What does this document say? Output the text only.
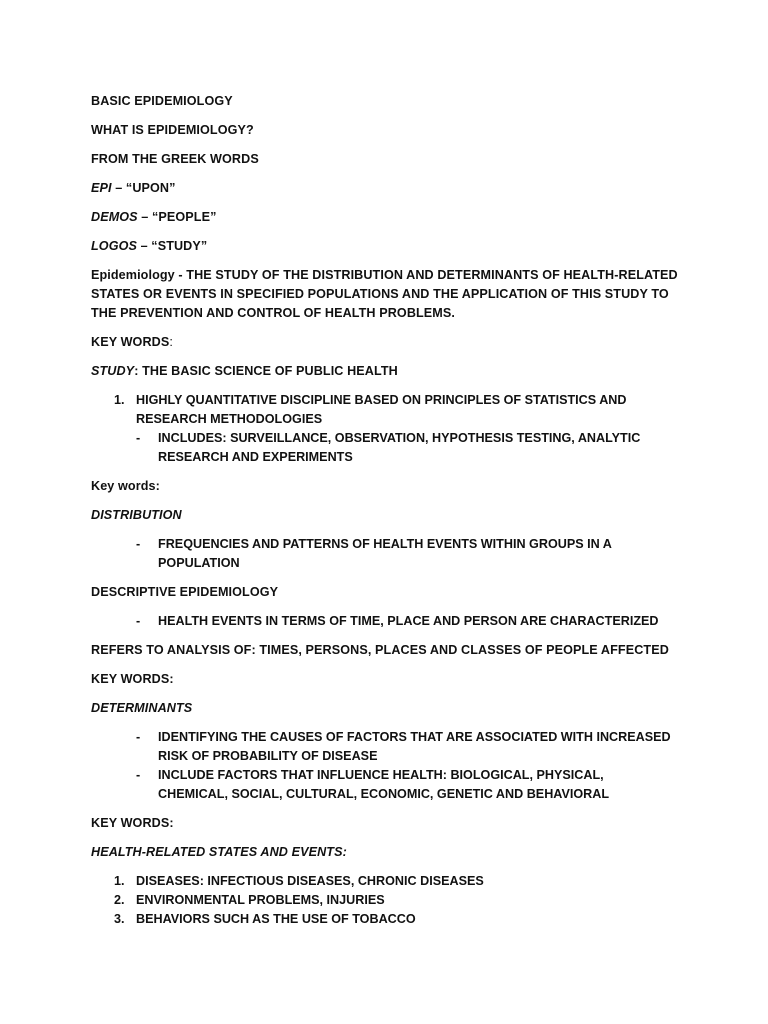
BASIC EPIDEMIOLOGY
WHAT IS EPIDEMIOLOGY?
FROM THE GREEK WORDS
EPI – “UPON”
DEMOS – “PEOPLE”
LOGOS – “STUDY”
Epidemiology - THE STUDY OF THE DISTRIBUTION AND DETERMINANTS OF HEALTH-RELATED STATES OR EVENTS IN SPECIFIED POPULATIONS AND THE APPLICATION OF THIS STUDY TO THE PREVENTION AND CONTROL OF HEALTH PROBLEMS.
KEY WORDS:
STUDY: THE BASIC SCIENCE OF PUBLIC HEALTH
1. HIGHLY QUANTITATIVE DISCIPLINE BASED ON PRINCIPLES OF STATISTICS AND RESEARCH METHODOLOGIES
-	INCLUDES: SURVEILLANCE, OBSERVATION, HYPOTHESIS TESTING, ANALYTIC RESEARCH AND EXPERIMENTS
Key words:
DISTRIBUTION
-	FREQUENCIES AND PATTERNS OF HEALTH EVENTS WITHIN GROUPS IN A POPULATION
DESCRIPTIVE EPIDEMIOLOGY
-	HEALTH EVENTS IN TERMS OF TIME, PLACE AND PERSON ARE CHARACTERIZED
REFERS TO ANALYSIS OF: TIMES, PERSONS, PLACES AND CLASSES OF PEOPLE AFFECTED
KEY WORDS:
DETERMINANTS
-	IDENTIFYING THE CAUSES OF FACTORS THAT ARE ASSOCIATED WITH INCREASED RISK OF PROBABILITY OF DISEASE
-	INCLUDE FACTORS THAT INFLUENCE HEALTH: BIOLOGICAL, PHYSICAL, CHEMICAL, SOCIAL, CULTURAL, ECONOMIC, GENETIC AND BEHAVIORAL
KEY WORDS:
HEALTH-RELATED STATES AND EVENTS:
1. DISEASES: INFECTIOUS DISEASES, CHRONIC DISEASES
2. ENVIRONMENTAL PROBLEMS, INJURIES
3. BEHAVIORS SUCH AS THE USE OF TOBACCO
